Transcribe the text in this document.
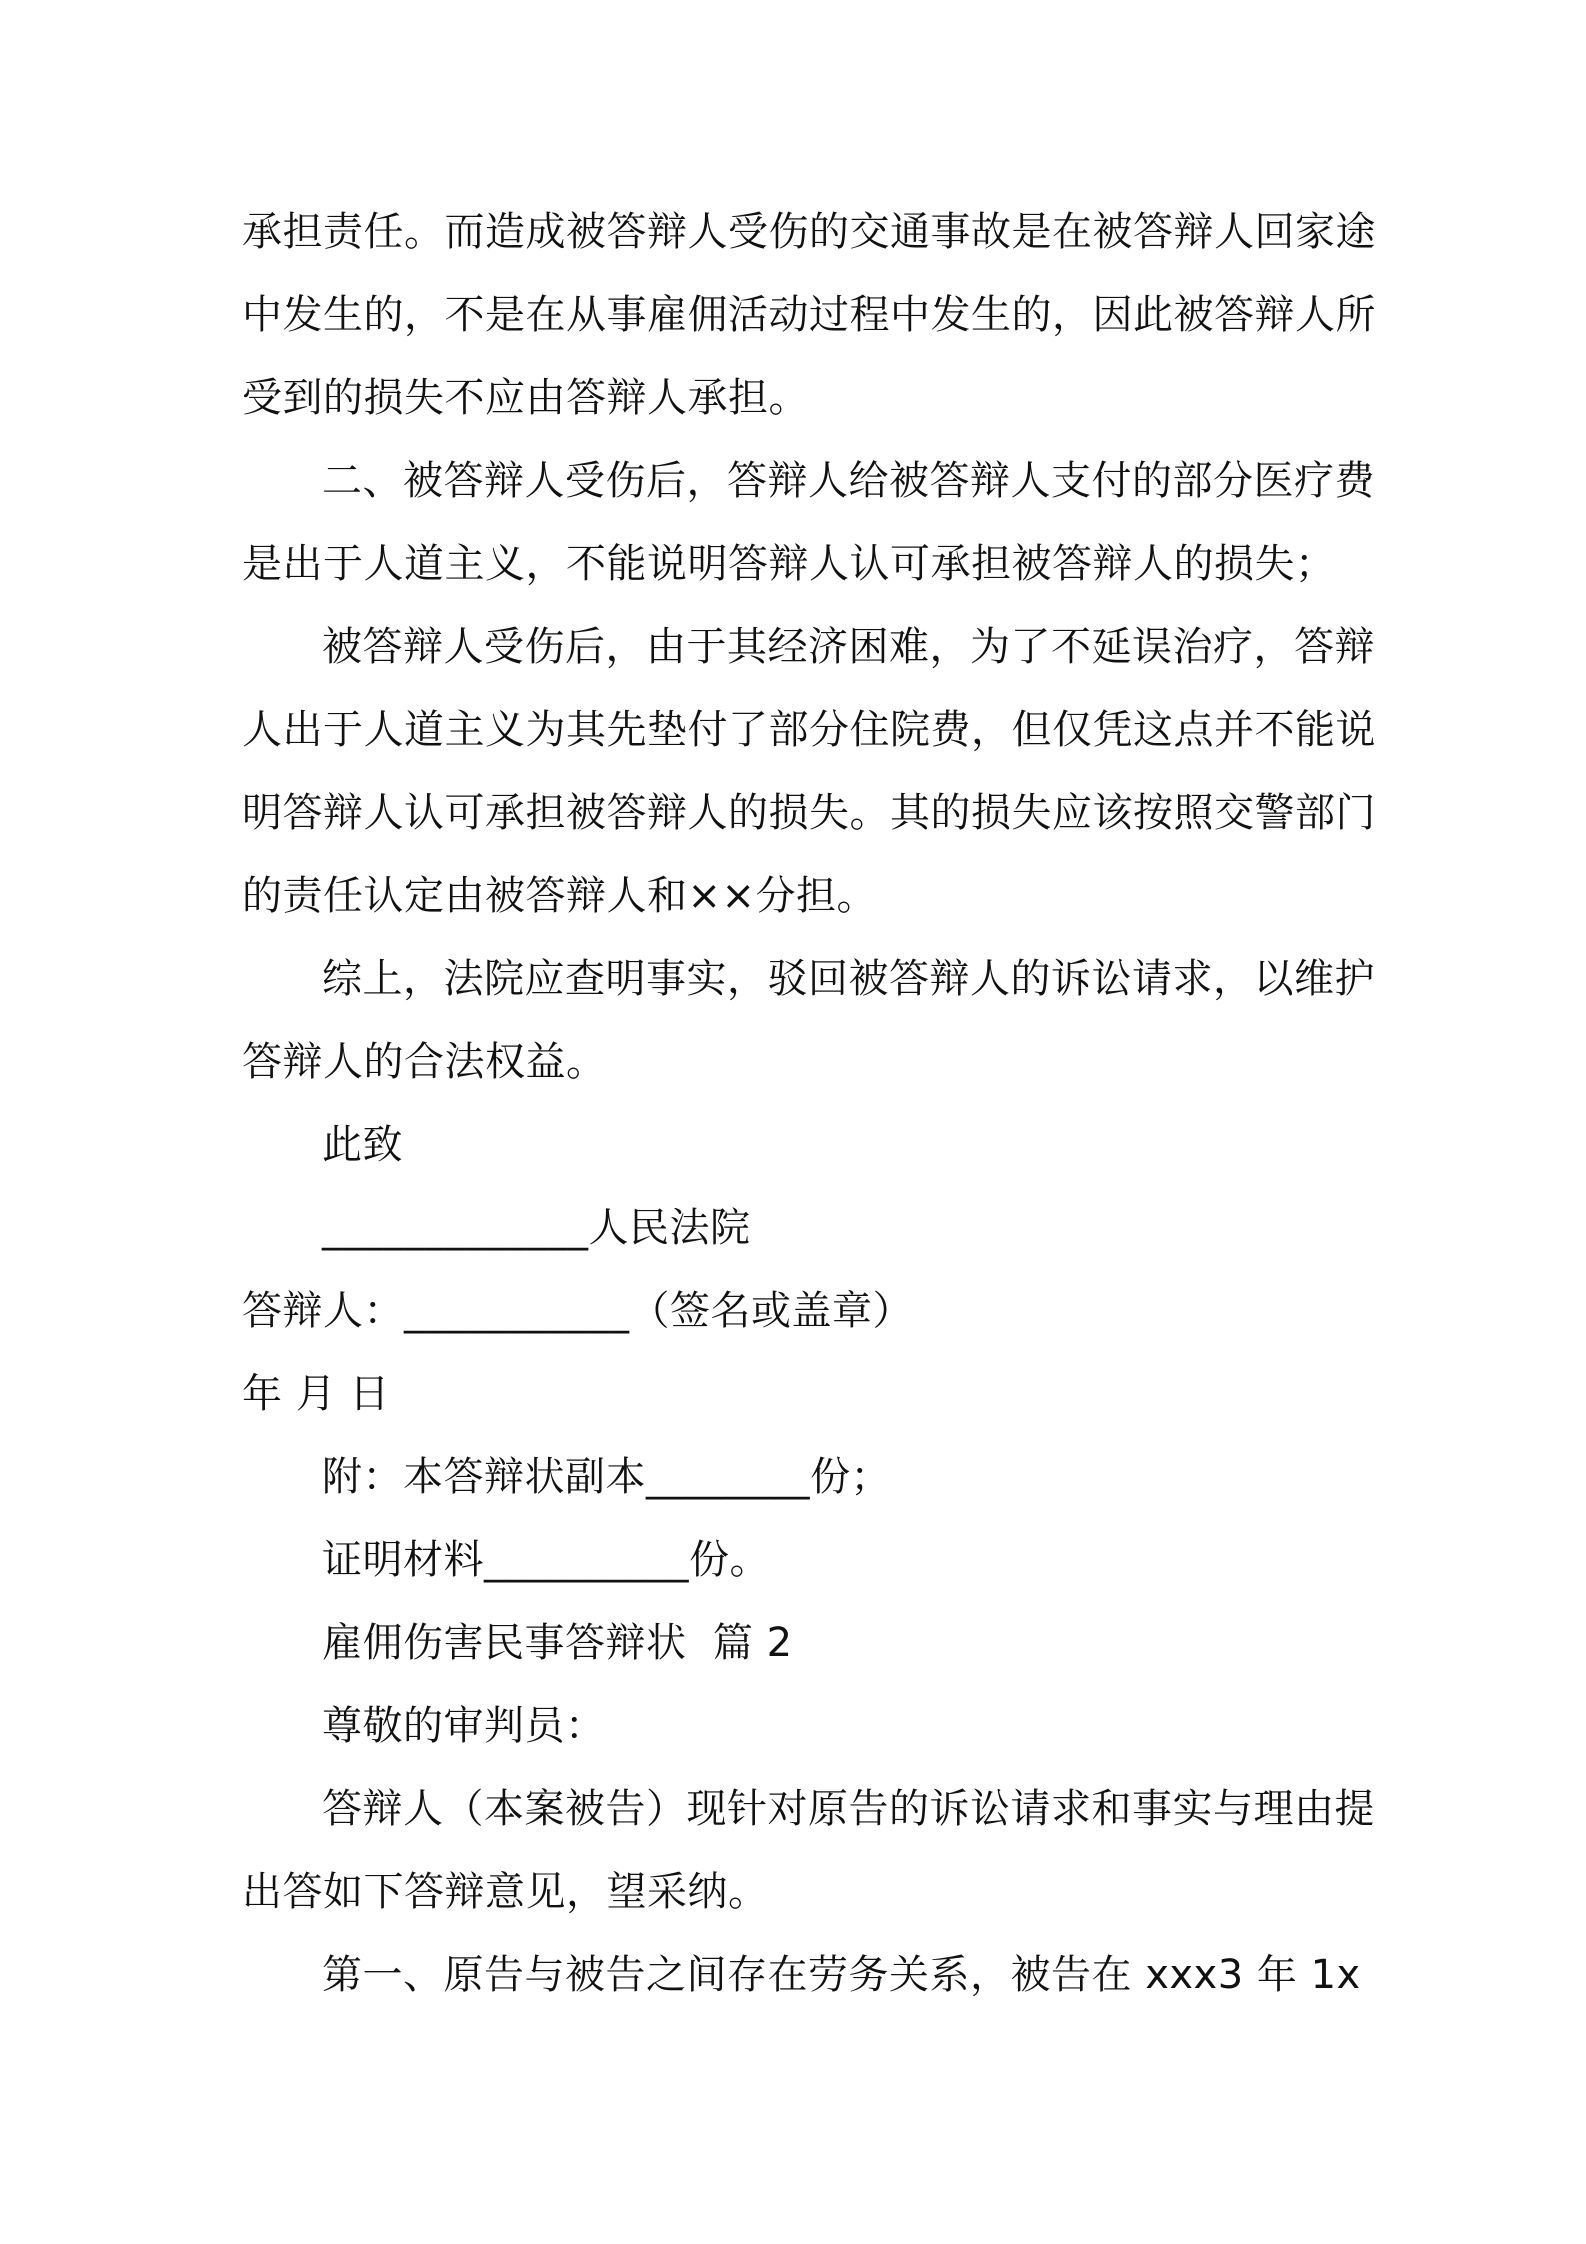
承担责任。而造成被答辩人受伤的交通事故是在被答辩人回家途
中发生的，不是在从事雇佣活动过程中发生的，因此被答辩人所
受到的损失不应由答辩人承担。
二、被答辩人受伤后，答辩人给被答辩人支付的部分医疗费
是出于人道主义，不能说明答辩人认可承担被答辩人的损失；
被答辩人受伤后，由于其经济困难，为了不延误治疗，答辩
人出于人道主义为其先垫付了部分住院费，但仅凭这点并不能说
明答辩人认可承担被答辩人的损失。其的损失应该按照交警部门
的责任认定由被答辩人和××分担。
综上，法院应查明事实，驳回被答辩人的诉讼请求，以维护
答辩人的合法权益。
此致
_____________人民法院
答辩人：___________（签名或盖章）
年 月 日
附：本答辩状副本________份；
证明材料__________份。
雇佣伤害民事答辩状  篇 2
尊敬的审判员：
答辩人（本案被告）现针对原告的诉讼请求和事实与理由提
出答如下答辩意见，望采纳。
第一、原告与被告之间存在劳务关系，被告在 xxx3 年 1x
